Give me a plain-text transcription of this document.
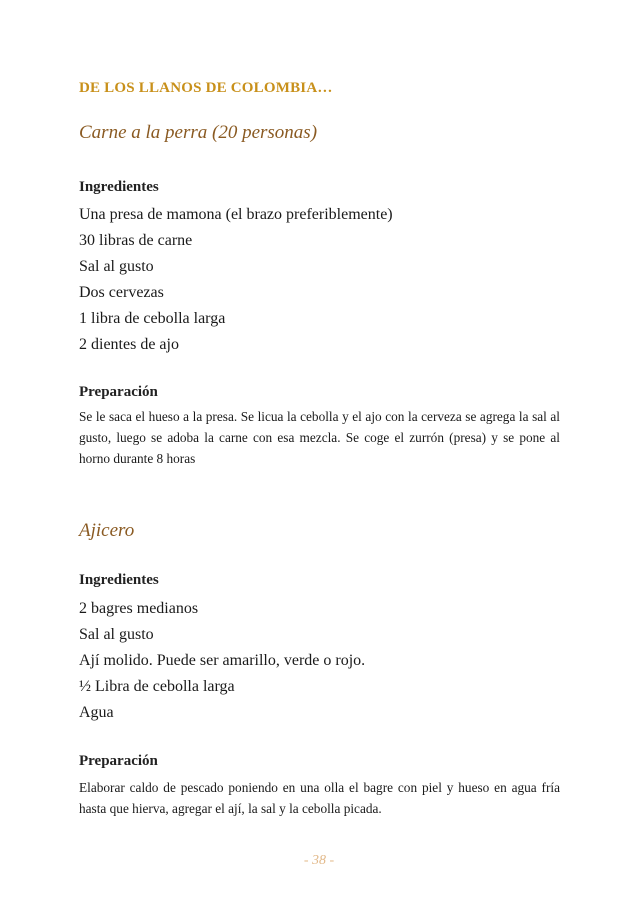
DE LOS LLANOS DE COLOMBIA…
Carne a la perra (20 personas)
Ingredientes
Una presa de mamona (el brazo preferiblemente)
30 libras de carne
Sal al gusto
Dos cervezas
1 libra de cebolla larga
2 dientes de ajo
Preparación

Se le saca el hueso a la presa. Se licua la cebolla y el ajo con la cerveza se agrega la sal al gusto, luego se adoba la carne con esa mezcla. Se coge el zurrón (presa) y se pone al horno durante 8 horas

Ajicero
Ingredientes
2 bagres medianos
Sal al gusto
Ají molido. Puede ser amarillo, verde o rojo.
½ Libra de cebolla larga
Agua
Preparación

Elaborar caldo de pescado poniendo en una olla el bagre con piel y hueso en agua fría hasta que hierva, agregar el ají, la sal y la cebolla picada.

- 38 -
